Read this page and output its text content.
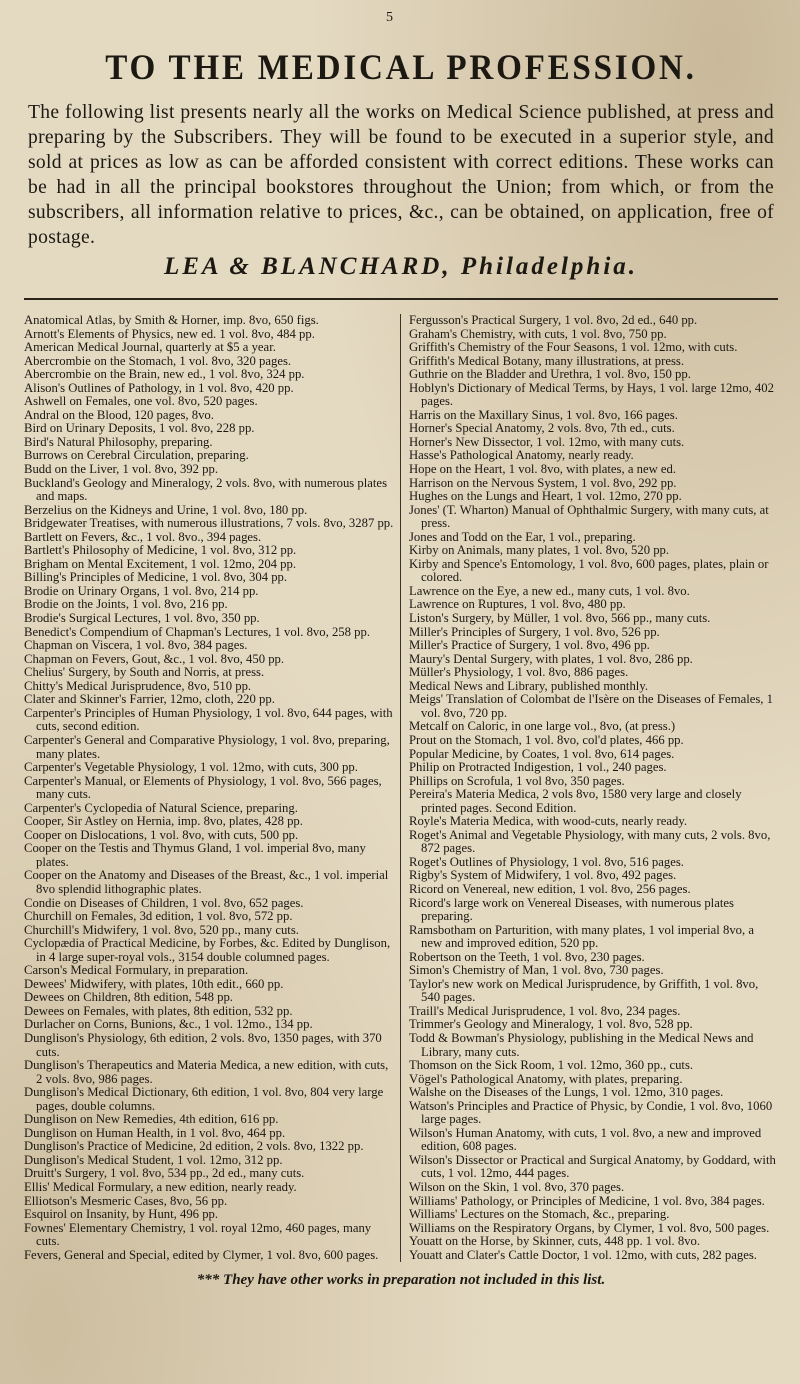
5
TO THE MEDICAL PROFESSION.

The following list presents nearly all the works on Medical Science published, at press and preparing by the Subscribers. They will be found to be executed in a superior style, and sold at prices as low as can be afforded consistent with correct editions. These works can be had in all the principal bookstores throughout the Union; from which, or from the subscribers, all information relative to prices, &c., can be obtained, on application, free of postage.

LEA & BLANCHARD, Philadelphia.

Anatomical Atlas, by Smith & Horner, imp. 8vo, 650 figs.

Arnott's Elements of Physics, new ed. 1 vol. 8vo, 484 pp.

American Medical Journal, quarterly at $5 a year.

Abercrombie on the Stomach, 1 vol. 8vo, 320 pages.

Abercrombie on the Brain, new ed., 1 vol. 8vo, 324 pp.

Alison's Outlines of Pathology, in 1 vol. 8vo, 420 pp.

Ashwell on Females, one vol. 8vo, 520 pages.

Andral on the Blood, 120 pages, 8vo.

Bird on Urinary Deposits, 1 vol. 8vo, 228 pp.

Bird's Natural Philosophy, preparing.

Burrows on Cerebral Circulation, preparing.

Budd on the Liver, 1 vol. 8vo, 392 pp.

Buckland's Geology and Mineralogy, 2 vols. 8vo, with numerous plates and maps.

Berzelius on the Kidneys and Urine, 1 vol. 8vo, 180 pp.

Bridgewater Treatises, with numerous illustrations, 7 vols. 8vo, 3287 pp.

Bartlett on Fevers, &c., 1 vol. 8vo., 394 pages.

Bartlett's Philosophy of Medicine, 1 vol. 8vo, 312 pp.

Brigham on Mental Excitement, 1 vol. 12mo, 204 pp.

Billing's Principles of Medicine, 1 vol. 8vo, 304 pp.

Brodie on Urinary Organs, 1 vol. 8vo, 214 pp.

Brodie on the Joints, 1 vol. 8vo, 216 pp.

Brodie's Surgical Lectures, 1 vol. 8vo, 350 pp.

Benedict's Compendium of Chapman's Lectures, 1 vol. 8vo, 258 pp.

Chapman on Viscera, 1 vol. 8vo, 384 pages.

Chapman on Fevers, Gout, &c., 1 vol. 8vo, 450 pp.

Chelius' Surgery, by South and Norris, at press.

Chitty's Medical Jurisprudence, 8vo, 510 pp.

Clater and Skinner's Farrier, 12mo, cloth, 220 pp.

Carpenter's Principles of Human Physiology, 1 vol. 8vo, 644 pages, with cuts, second edition.

Carpenter's General and Comparative Physiology, 1 vol. 8vo, preparing, many plates.

Carpenter's Vegetable Physiology, 1 vol. 12mo, with cuts, 300 pp.

Carpenter's Manual, or Elements of Physiology, 1 vol. 8vo, 566 pages, many cuts.

Carpenter's Cyclopedia of Natural Science, preparing.

Cooper, Sir Astley on Hernia, imp. 8vo, plates, 428 pp.

Cooper on Dislocations, 1 vol. 8vo, with cuts, 500 pp.

Cooper on the Testis and Thymus Gland, 1 vol. imperial 8vo, many plates.

Cooper on the Anatomy and Diseases of the Breast, &c., 1 vol. imperial 8vo splendid lithographic plates.

Condie on Diseases of Children, 1 vol. 8vo, 652 pages.

Churchill on Females, 3d edition, 1 vol. 8vo, 572 pp.

Churchill's Midwifery, 1 vol. 8vo, 520 pp., many cuts.

Cyclopædia of Practical Medicine, by Forbes, &c. Edited by Dunglison, in 4 large super-royal vols., 3154 double columned pages.

Carson's Medical Formulary, in preparation.

Dewees' Midwifery, with plates, 10th edit., 660 pp.

Dewees on Children, 8th edition, 548 pp.

Dewees on Females, with plates, 8th edition, 532 pp.

Durlacher on Corns, Bunions, &c., 1 vol. 12mo., 134 pp.

Dunglison's Physiology, 6th edition, 2 vols. 8vo, 1350 pages, with 370 cuts.

Dunglison's Therapeutics and Materia Medica, a new edition, with cuts, 2 vols. 8vo, 986 pages.

Dunglison's Medical Dictionary, 6th edition, 1 vol. 8vo, 804 very large pages, double columns.

Dunglison on New Remedies, 4th edition, 616 pp.

Dunglison on Human Health, in 1 vol. 8vo, 464 pp.

Dunglison's Practice of Medicine, 2d edition, 2 vols. 8vo, 1322 pp.

Dunglison's Medical Student, 1 vol. 12mo, 312 pp.

Druitt's Surgery, 1 vol. 8vo, 534 pp., 2d ed., many cuts.

Ellis' Medical Formulary, a new edition, nearly ready.

Elliotson's Mesmeric Cases, 8vo, 56 pp.

Esquirol on Insanity, by Hunt, 496 pp.

Fownes' Elementary Chemistry, 1 vol. royal 12mo, 460 pages, many cuts.

Fevers, General and Special, edited by Clymer, 1 vol. 8vo, 600 pages.

Fergusson's Practical Surgery, 1 vol. 8vo, 2d ed., 640 pp.

Graham's Chemistry, with cuts, 1 vol. 8vo, 750 pp.

Griffith's Chemistry of the Four Seasons, 1 vol. 12mo, with cuts.

Griffith's Medical Botany, many illustrations, at press.

Guthrie on the Bladder and Urethra, 1 vol. 8vo, 150 pp.

Hoblyn's Dictionary of Medical Terms, by Hays, 1 vol. large 12mo, 402 pages.

Harris on the Maxillary Sinus, 1 vol. 8vo, 166 pages.

Horner's Special Anatomy, 2 vols. 8vo, 7th ed., cuts.

Horner's New Dissector, 1 vol. 12mo, with many cuts.

Hasse's Pathological Anatomy, nearly ready.

Hope on the Heart, 1 vol. 8vo, with plates, a new ed.

Harrison on the Nervous System, 1 vol. 8vo, 292 pp.

Hughes on the Lungs and Heart, 1 vol. 12mo, 270 pp.

Jones' (T. Wharton) Manual of Ophthalmic Surgery, with many cuts, at press.

Jones and Todd on the Ear, 1 vol., preparing.

Kirby on Animals, many plates, 1 vol. 8vo, 520 pp.

Kirby and Spence's Entomology, 1 vol. 8vo, 600 pages, plates, plain or colored.

Lawrence on the Eye, a new ed., many cuts, 1 vol. 8vo.

Lawrence on Ruptures, 1 vol. 8vo, 480 pp.

Liston's Surgery, by Müller, 1 vol. 8vo, 566 pp., many cuts.

Miller's Principles of Surgery, 1 vol. 8vo, 526 pp.

Miller's Practice of Surgery, 1 vol. 8vo, 496 pp.

Maury's Dental Surgery, with plates, 1 vol. 8vo, 286 pp.

Müller's Physiology, 1 vol. 8vo, 886 pages.

Medical News and Library, published monthly.

Meigs' Translation of Colombat de l'Isère on the Diseases of Females, 1 vol. 8vo, 720 pp.

Metcalf on Caloric, in one large vol., 8vo, (at press.)

Prout on the Stomach, 1 vol. 8vo, col'd plates, 466 pp.

Popular Medicine, by Coates, 1 vol. 8vo, 614 pages.

Philip on Protracted Indigestion, 1 vol., 240 pages.

Phillips on Scrofula, 1 vol 8vo, 350 pages.

Pereira's Materia Medica, 2 vols 8vo, 1580 very large and closely printed pages. Second Edition.

Royle's Materia Medica, with wood-cuts, nearly ready.

Roget's Animal and Vegetable Physiology, with many cuts, 2 vols. 8vo, 872 pages.

Roget's Outlines of Physiology, 1 vol. 8vo, 516 pages.

Rigby's System of Midwifery, 1 vol. 8vo, 492 pages.

Ricord on Venereal, new edition, 1 vol. 8vo, 256 pages.

Ricord's large work on Venereal Diseases, with numerous plates preparing.

Ramsbotham on Parturition, with many plates, 1 vol imperial 8vo, a new and improved edition, 520 pp.

Robertson on the Teeth, 1 vol. 8vo, 230 pages.

Simon's Chemistry of Man, 1 vol. 8vo, 730 pages.

Taylor's new work on Medical Jurisprudence, by Griffith, 1 vol. 8vo, 540 pages.

Traill's Medical Jurisprudence, 1 vol. 8vo, 234 pages.

Trimmer's Geology and Mineralogy, 1 vol. 8vo, 528 pp.

Todd & Bowman's Physiology, publishing in the Medical News and Library, many cuts.

Thomson on the Sick Room, 1 vol. 12mo, 360 pp., cuts.

Vögel's Pathological Anatomy, with plates, preparing.

Walshe on the Diseases of the Lungs, 1 vol. 12mo, 310 pages.

Watson's Principles and Practice of Physic, by Condie, 1 vol. 8vo, 1060 large pages.

Wilson's Human Anatomy, with cuts, 1 vol. 8vo, a new and improved edition, 608 pages.

Wilson's Dissector or Practical and Surgical Anatomy, by Goddard, with cuts, 1 vol. 12mo, 444 pages.

Wilson on the Skin, 1 vol. 8vo, 370 pages.

Williams' Pathology, or Principles of Medicine, 1 vol. 8vo, 384 pages.

Williams' Lectures on the Stomach, &c., preparing.

Williams on the Respiratory Organs, by Clymer, 1 vol. 8vo, 500 pages.

Youatt on the Horse, by Skinner, cuts, 448 pp. 1 vol. 8vo.

Youatt and Clater's Cattle Doctor, 1 vol. 12mo, with cuts, 282 pages.

*** They have other works in preparation not included in this list.
